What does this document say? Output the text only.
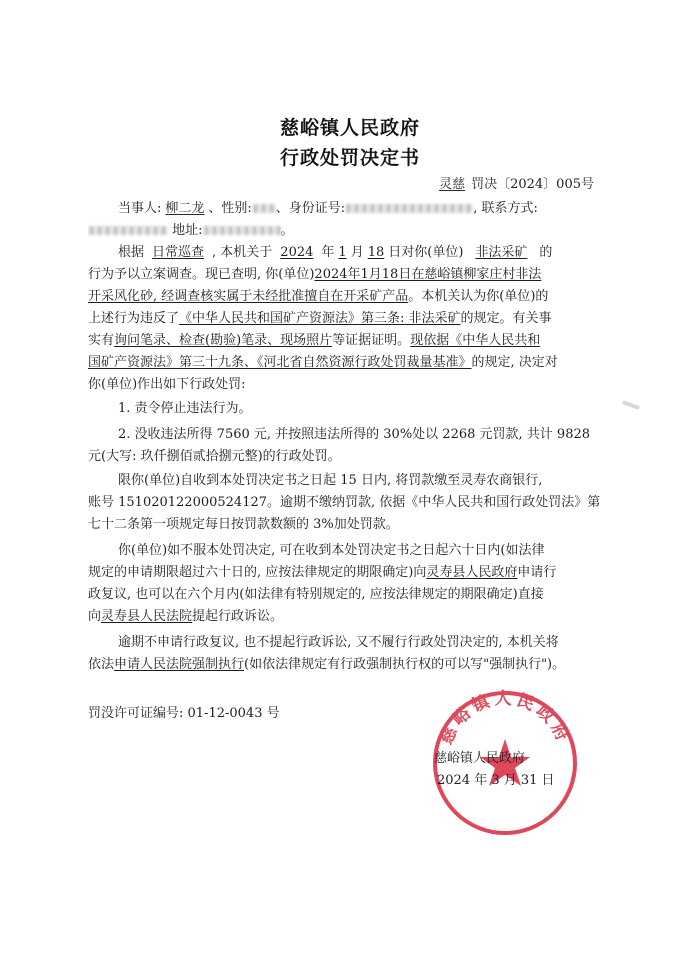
慈峪镇人民政府
行政处罚决定书
灵慈 罚决〔2024〕005号
当事人: 柳二龙 、性别: 、身份证号:	, 联系方式:
地址:	。
根据 日常巡查 , 本机关于 2024 年 1 月 18 日对你(单位) 非法采矿 的
行为予以立案调查。现已查明, 你(单位)2024年1月18日在慈峪镇柳家庄村非法
开采风化砂, 经调查核实属于未经批准擅自在开采矿产品。本机关认为你(单位)的
上述行为违反了《中华人民共和国矿产资源法》第三条: 非法采矿的规定。有关事
实有询问笔录、检查(勘验)笔录、现场照片等证据证明。现依据《中华人民共和
国矿产资源法》第三十九条、《河北省自然资源行政处罚裁量基准》的规定, 决定对
你(单位)作出如下行政处罚:
1. 责令停止违法行为。
2. 没收违法所得 7560 元, 并按照违法所得的 30%处以 2268 元罚款, 共计 9828
元(大写: 玖仟捌佰贰拾捌元整)的行政处罚。
限你(单位)自收到本处罚决定书之日起 15 日内, 将罚款缴至灵寿农商银行,
账号 151020122000524127。逾期不缴纳罚款, 依据《中华人民共和国行政处罚法》第
七十二条第一项规定每日按罚款数额的 3%加处罚款。
你(单位)如不服本处罚决定, 可在收到本处罚决定书之日起六十日内(如法律
规定的申请期限超过六十日的, 应按法律规定的期限确定)向灵寿县人民政府申请行
政复议, 也可以在六个月内(如法律有特别规定的, 应按法律规定的期限确定)直接
向灵寿县人民法院提起行政诉讼。
逾期不申请行政复议, 也不提起行政诉讼, 又不履行行政处罚决定的, 本机关将
依法申请人民法院强制执行(如依法律规定有行政强制执行权的可以写"强制执行")。
罚没许可证编号: 01-12-0043 号
慈峪镇人民政府
慈峪镇人民政府
2024 年 3 月 31 日
